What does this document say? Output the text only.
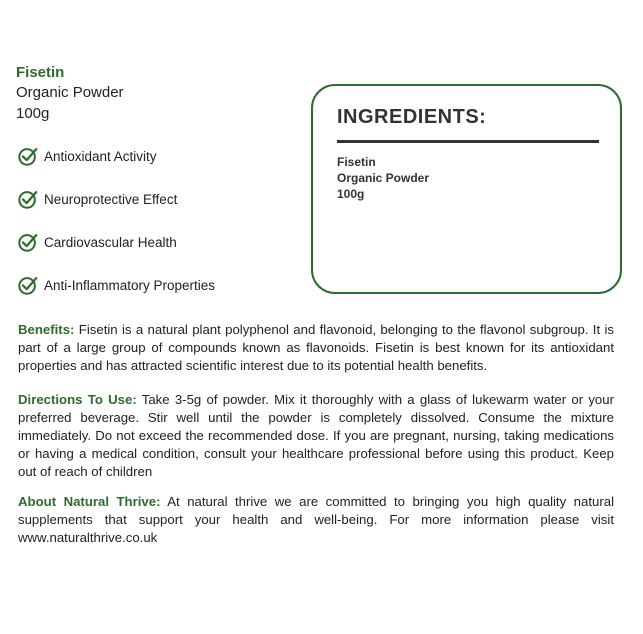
Fisetin
Organic Powder
100g
Antioxidant Activity
Neuroprotective Effect
Cardiovascular Health
Anti-Inflammatory Properties
INGREDIENTS:
Fisetin
Organic Powder
100g
Benefits: Fisetin is a natural plant polyphenol and flavonoid, belonging to the flavonol subgroup. It is part of a large group of compounds known as flavonoids. Fisetin is best known for its antioxidant properties and has attracted scientific interest due to its potential health benefits.
Directions To Use: Take 3-5g of powder. Mix it thoroughly with a glass of lukewarm water or your preferred beverage. Stir well until the powder is completely dissolved. Consume the mixture immediately. Do not exceed the recommended dose. If you are pregnant, nursing, taking medications or having a medical condition, consult your healthcare professional before using this product. Keep out of reach of children
About Natural Thrive: At natural thrive we are committed to bringing you high quality natural supplements that support your health and well-being. For more information please visit www.naturalthrive.co.uk
